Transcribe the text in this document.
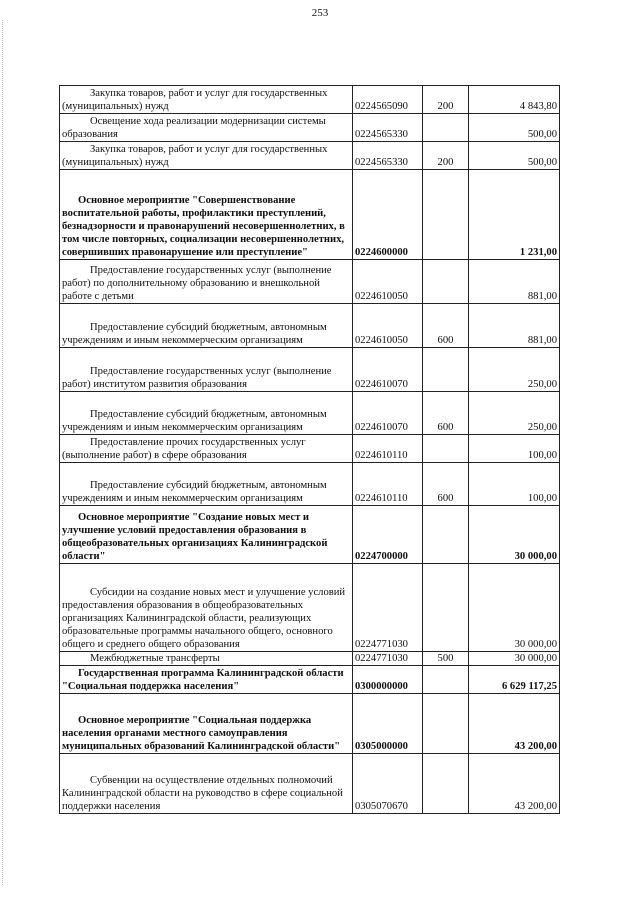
253
Закупка товаров, работ и услуг для государственных (муниципальных) нужд	0224565090	200	4 843,80
Освещение хода реализации модернизации системы образования	0224565330		500,00
Закупка товаров, работ и услуг для государственных (муниципальных) нужд	0224565330	200	500,00
Основное мероприятие "Совершенствование воспитательной работы, профилактики преступлений, безнадзорности и правонарушений несовершеннолетних, в том числе повторных, социализации несовершеннолетних, совершивших правонарушение или преступление"	0224600000		1 231,00
Предоставление государственных услуг (выполнение работ) по дополнительному образованию и внешкольной работе с детьми	0224610050		881,00
Предоставление субсидий бюджетным, автономным учреждениям и иным некоммерческим организациям	0224610050	600	881,00
Предоставление государственных услуг (выполнение работ) институтом развития образования	0224610070		250,00
Предоставление субсидий бюджетным, автономным учреждениям и иным некоммерческим организациям	0224610070	600	250,00
Предоставление прочих государственных услуг (выполнение работ) в сфере образования	0224610110		100,00
Предоставление субсидий бюджетным, автономным учреждениям и иным некоммерческим организациям	0224610110	600	100,00
Основное мероприятие "Создание новых мест и улучшение условий предоставления образования в общеобразовательных организациях Калининградской области"	0224700000		30 000,00
Субсидии на создание новых мест и улучшение условий предоставления образования в общеобразовательных организациях Калининградской области, реализующих образовательные программы начального общего, основного общего и среднего общего образования	0224771030		30 000,00
Межбюджетные трансферты	0224771030	500	30 000,00
Государственная программа Калининградской области "Социальная поддержка населения"	0300000000		6 629 117,25
Основное мероприятие "Социальная поддержка населения органами местного самоуправления муниципальных образований Калининградской области"	0305000000		43 200,00
Субвенции на осуществление отдельных полномочий Калининградской области на руководство в сфере социальной поддержки населения	0305070670		43 200,00
